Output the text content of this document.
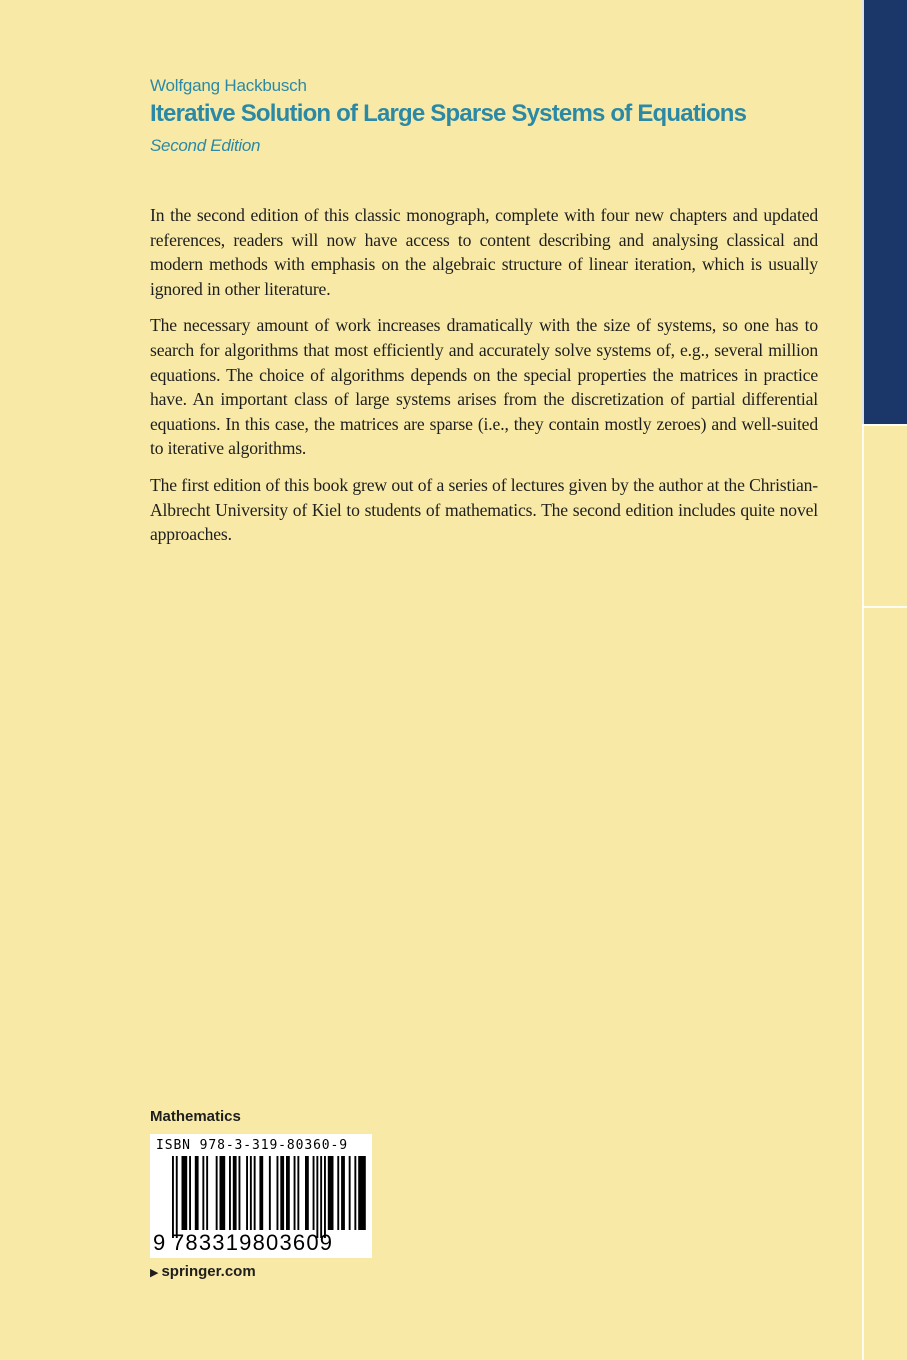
Wolfgang Hackbusch
Iterative Solution of Large Sparse Systems of Equations
Second Edition

In the second edition of this classic monograph, complete with four new chapters and updated references, readers will now have access to content describing and analysing classical and modern methods with emphasis on the algebraic structure of linear iteration, which is usually ignored in other literature.

The necessary amount of work increases dramatically with the size of systems, so one has to search for algorithms that most efficiently and accurately solve systems of, e.g., several million equations. The choice of algorithms depends on the special properties the matrices in practice have. An important class of large systems arises from the discretization of partial differential equations. In this case, the matrices are sparse (i.e., they contain mostly zeroes) and well-suited to iterative algorithms.

The first edition of this book grew out of a series of lectures given by the author at the Christian-Albrecht University of Kiel to students of mathematics. The second edition includes quite novel approaches.

Mathematics
ISBN 978-3-319-80360-9
9 783319803609
▶ springer.com
